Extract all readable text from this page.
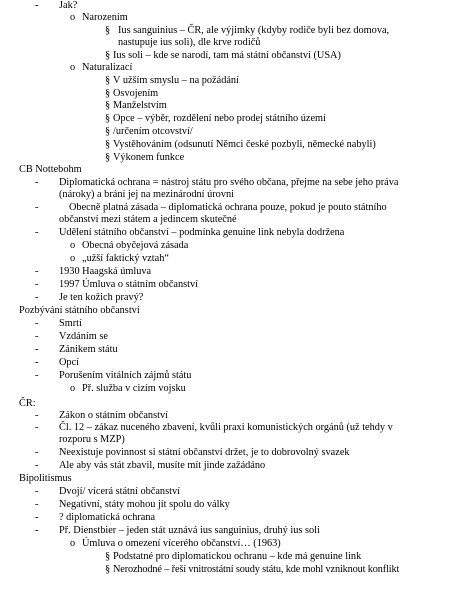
- Jak?
o Narozením
§ Ius sanguinius – ČR, ale výjimky (kdyby rodiče byli bez domova,
nastupuje ius soli), dle krve rodičů
§ Ius soli – kde se narodí, tam má státní občanství (USA)
o Naturalizací
§ V užším smyslu – na požádání
§ Osvojením
§ Manželstvím
§ Opce – výběr, rozdělení nebo prodej státního území
§ /určením otcovství/
§ Vystěhováním (odsunutí Němci české pozbyli, německé nabyli)
§ Výkonem funkce
CB Nottebohm
- Diplomatická ochrana = nástroj státu pro svého občana, přejme na sebe jeho práva
(nároky) a brání jej na mezinárodní úrovni
-	Obecně platná zásada – diplomatická ochrana pouze, pokud je pouto státního
občanství mezi státem a jedincem skutečné
- Udělení státního občanství – podmínka genuine link nebyla dodržena
o Obecná obyčejová zásada
o „užší faktický vztah“
- 1930 Haagská úmluva
- 1997 Úmluva o státním občanství
- Je ten kožich pravý?
Pozbývání státního občanství
- Smrtí
- Vzdáním se
- Zánikem státu
- Opcí
- Porušením vitálních zájmů státu
o Př. služba v cizím vojsku
ČR:
- Zákon o státním občanství
- Čl. 12 – zákaz nuceného zbavení, kvůli praxi komunistických orgánů (už tehdy v
rozporu s MZP)
- Neexistuje povinnost si státní občanství držet, je to dobrovolný svazek
- Ale aby vás stát zbavil, musíte mít jinde zažádáno
Bipolitismus
- Dvojí/ vícerá státní občanství
- Negativní, státy mohou jít spolu do války
- ? diplomatická ochrana
- Př. Dienstbier – jeden stát uznává ius sanguinius, druhý ius soli
o Úmluva o omezení vícerého občanství… (1963)
§ Podstatné pro diplomatickou ochranu – kde má genuine link
§ Nerozhodné – řeší vnitrostátní soudy státu, kde mohl vzniknout konflikt
